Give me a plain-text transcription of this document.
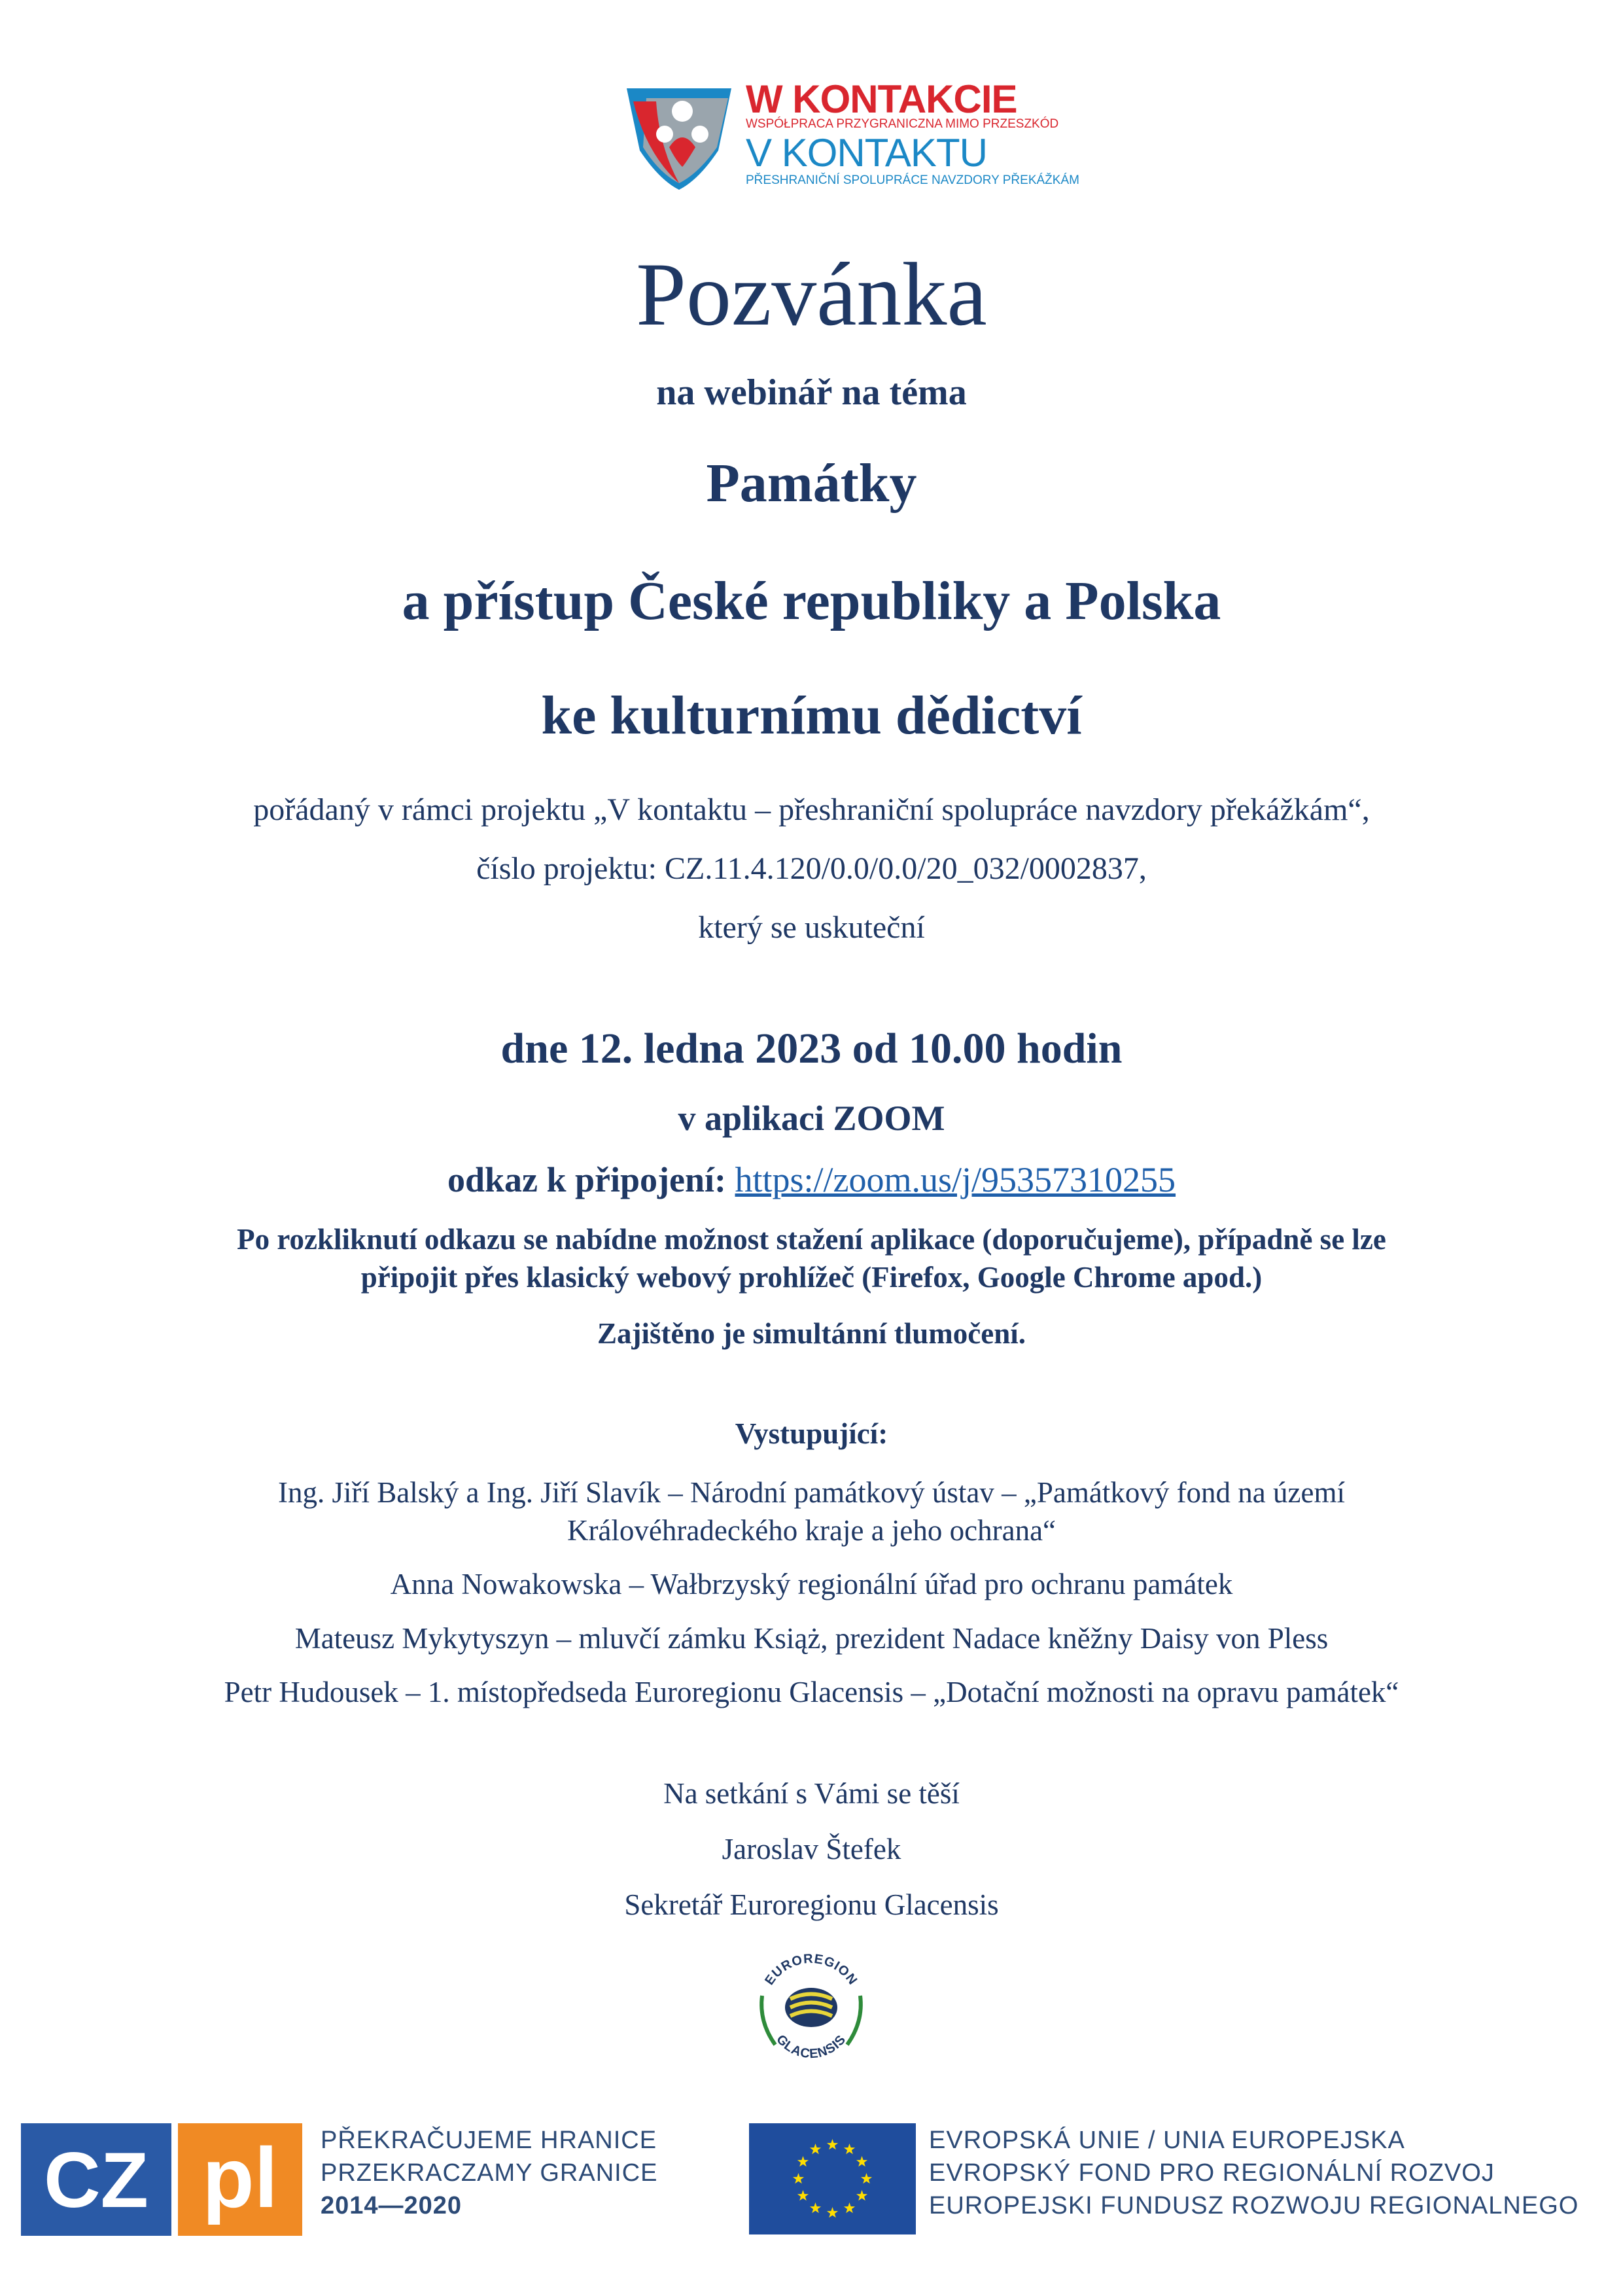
W KONTAKCIE
WSPÓŁPRACA PRZYGRANICZNA MIMO PRZESZKÓD
V KONTAKTU
PŘESHRANIČNÍ SPOLUPRÁCE NAVZDORY PŘEKÁŽKÁM
Pozvánka
na webinář na téma
Památky
a přístup České republiky a Polska
ke kulturnímu dědictví
pořádaný v rámci projektu „V kontaktu – přeshraniční spolupráce navzdory překážkám“,
číslo projektu: CZ.11.4.120/0.0/0.0/20_032/0002837,
který se uskuteční
dne 12. ledna 2023 od 10.00 hodin
v aplikaci ZOOM
odkaz k připojení: https://zoom.us/j/95357310255
Po rozkliknutí odkazu se nabídne možnost stažení aplikace (doporučujeme), případně se lze
připojit přes klasický webový prohlížeč (Firefox, Google Chrome apod.)
Zajištěno je simultánní tlumočení.
Vystupující:
Ing. Jiří Balský a Ing. Jiří Slavík – Národní památkový ústav – „Památkový fond na území
Královéhradeckého kraje a jeho ochrana“
Anna Nowakowska – Wałbrzyský regionální úřad pro ochranu památek
Mateusz Mykytyszyn – mluvčí zámku Książ, prezident Nadace kněžny Daisy von Pless
Petr Hudousek – 1. místopředseda Euroregionu Glacensis – „Dotační možnosti na opravu památek“
Na setkání s Vámi se těší
Jaroslav Štefek
Sekretář Euroregionu Glacensis
EUROREGION
GLACENSIS
CZ pl PŘEKRAČUJEME HRANICE
PRZEKRACZAMY GRANICE
2014—2020
EVROPSKÁ UNIE / UNIA EUROPEJSKA
EVROPSKÝ FOND PRO REGIONÁLNÍ ROZVOJ
EUROPEJSKI FUNDUSZ ROZWOJU REGIONALNEGO
